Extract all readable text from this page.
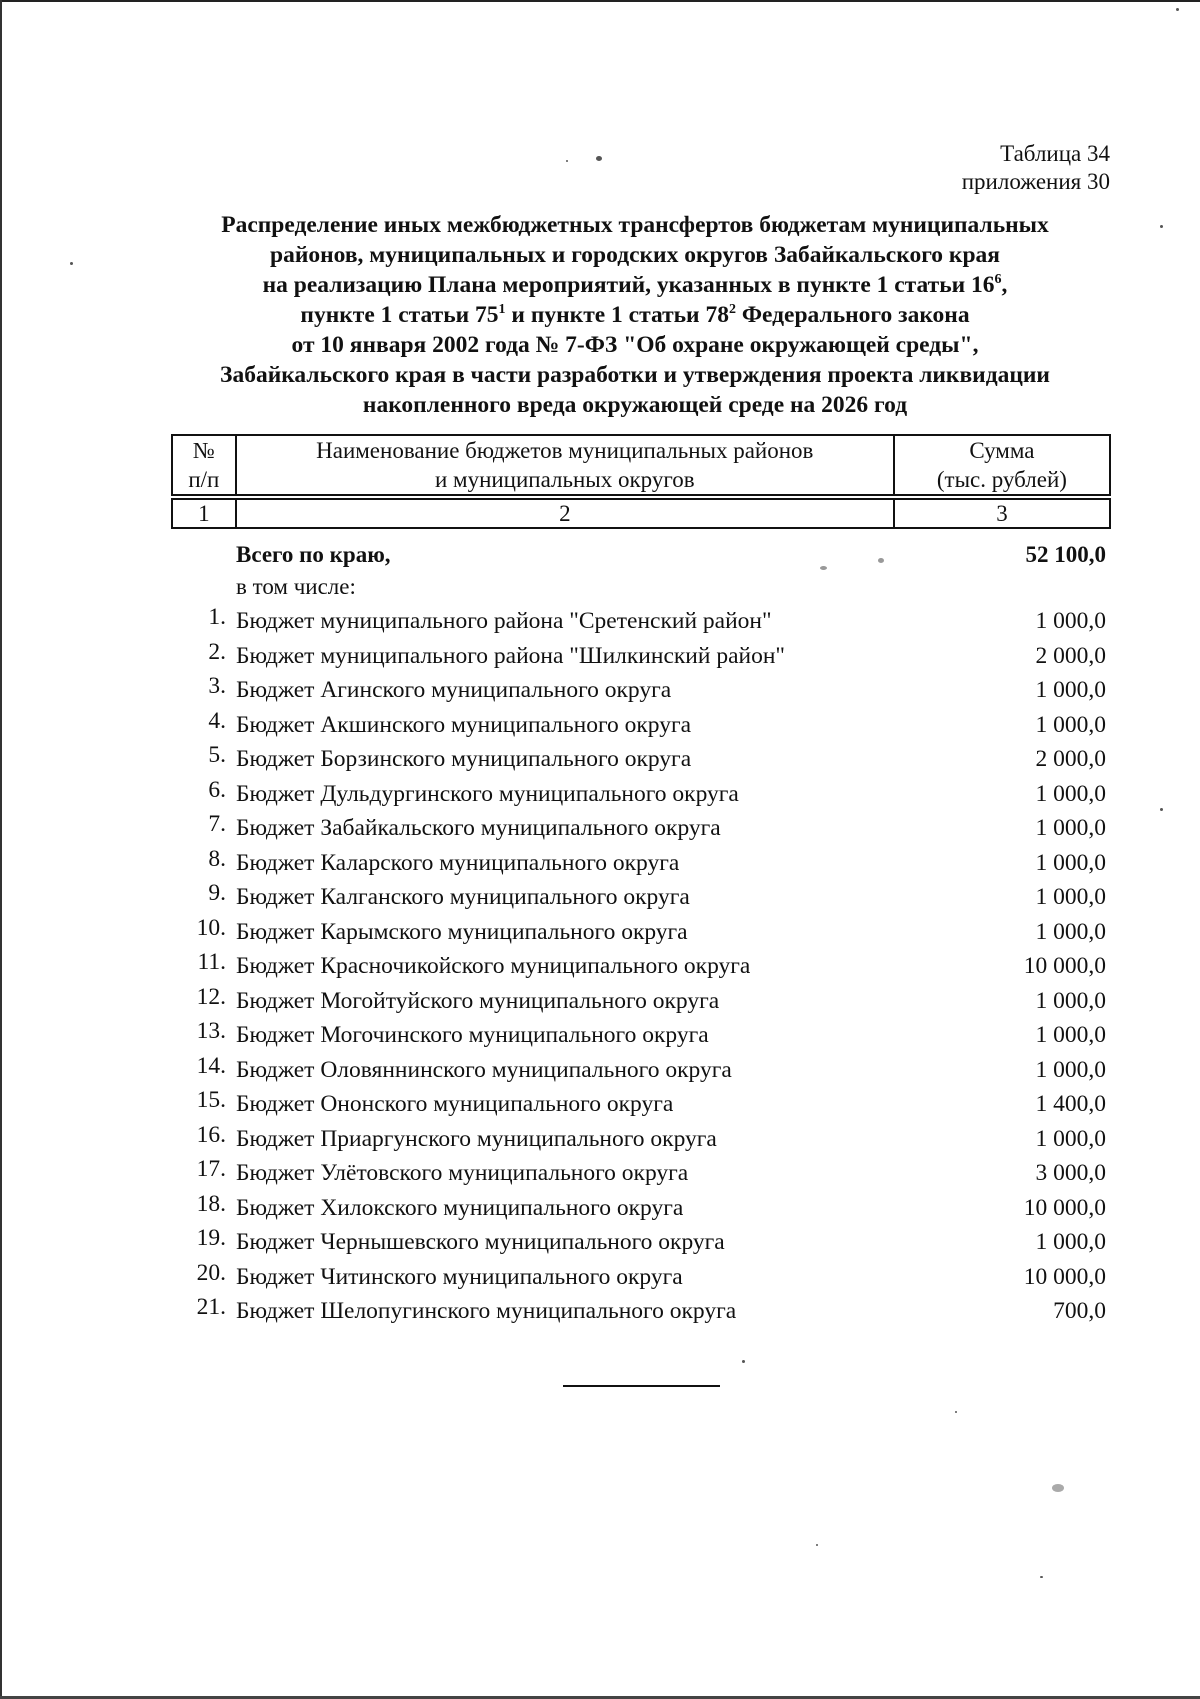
Таблица 34
приложения 30
Распределение иных межбюджетных трансфертов бюджетам муниципальных
районов, муниципальных и городских округов Забайкальского края
на реализацию Плана мероприятий, указанных в пункте 1 статьи $16^6$,
пункте 1 статьи $75^1$ и пункте 1 статьи $78^2$ Федерального закона
от 10 января 2002 года № 7-ФЗ "Об охране окружающей среды",
Забайкальского края в части разработки и утверждения проекта ликвидации
накопленного вреда окружающей среде на 2026 год
№
п/п

Наименование бюджетов муниципальных районов
и муниципальных округов

Сумма
(тыс. рублей)
1	2	3
Всего по краю,	52 100,0
в том числе:
1. Бюджет муниципального района "Сретенский район"	1 000,0
2. Бюджет муниципального района "Шилкинский район"	2 000,0
3. Бюджет Агинского муниципального округа	1 000,0
4. Бюджет Акшинского муниципального округа	1 000,0
5. Бюджет Борзинского муниципального округа	2 000,0
6. Бюджет Дульдургинского муниципального округа	1 000,0
7. Бюджет Забайкальского муниципального округа	1 000,0
8. Бюджет Каларского муниципального округа	1 000,0
9. Бюджет Калганского муниципального округа	1 000,0
10. Бюджет Карымского муниципального округа	1 000,0
11. Бюджет Красночикойского муниципального округа	10 000,0
12. Бюджет Могойтуйского муниципального округа	1 000,0
13. Бюджет Могочинского муниципального округа	1 000,0
14. Бюджет Оловяннинского муниципального округа	1 000,0
15. Бюджет Ононского муниципального округа	1 400,0
16. Бюджет Приаргунского муниципального округа	1 000,0
17. Бюджет Улётовского муниципального округа	3 000,0
18. Бюджет Хилокского муниципального округа	10 000,0
19. Бюджет Чернышевского муниципального округа	1 000,0
20. Бюджет Читинского муниципального округа	10 000,0
21. Бюджет Шелопугинского муниципального округа	700,0
